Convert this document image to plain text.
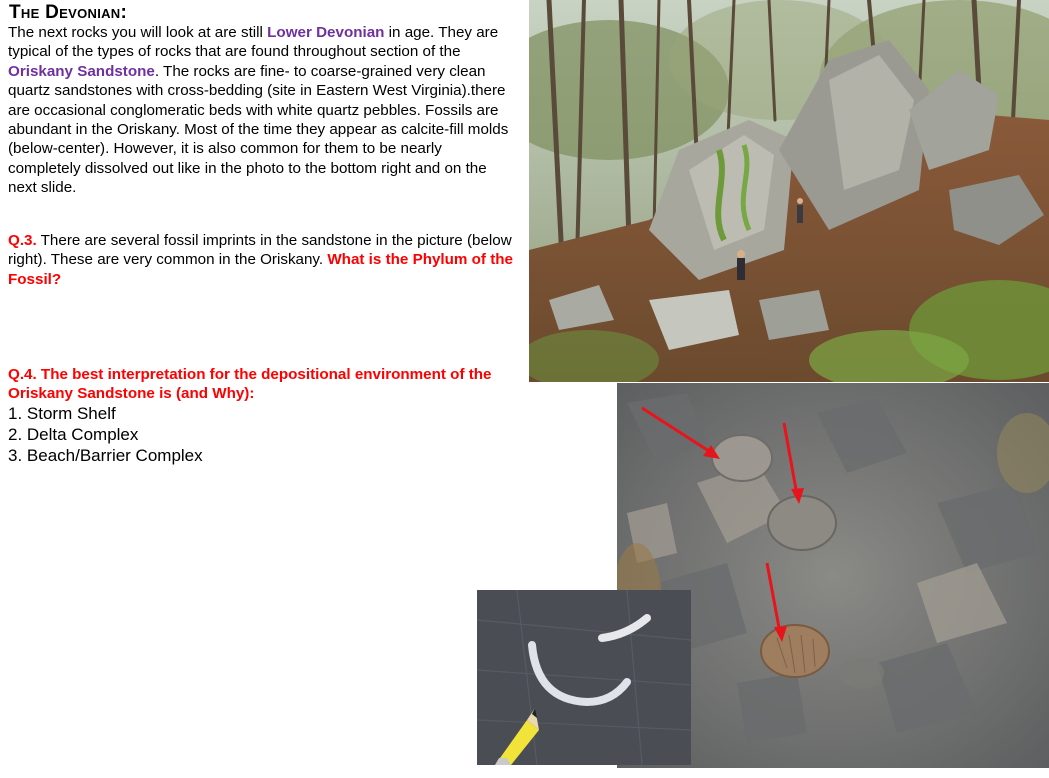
The Devonian:

The next rocks you will look at are still Lower Devonian in age. They are typical of the types of rocks that are found throughout section of the Oriskany Sandstone. The rocks are fine- to coarse-grained very clean quartz sandstones with cross-bedding (site in Eastern West Virginia).there are occasional conglomeratic beds with white quartz pebbles. Fossils are abundant in the Oriskany. Most of the time they appear as calcite-fill molds (below-center). However, it is also common for them to be nearly completely dissolved out like in the photo to the bottom right and on the next slide.

Q.3. There are several fossil imprints in the sandstone in the picture (below right). These are very common in the Oriskany. What is the Phylum of the Fossil?

Q.4. The best interpretation for the depositional environment of the Oriskany Sandstone is (and Why):

1. Storm Shelf
2. Delta Complex
3. Beach/Barrier Complex
